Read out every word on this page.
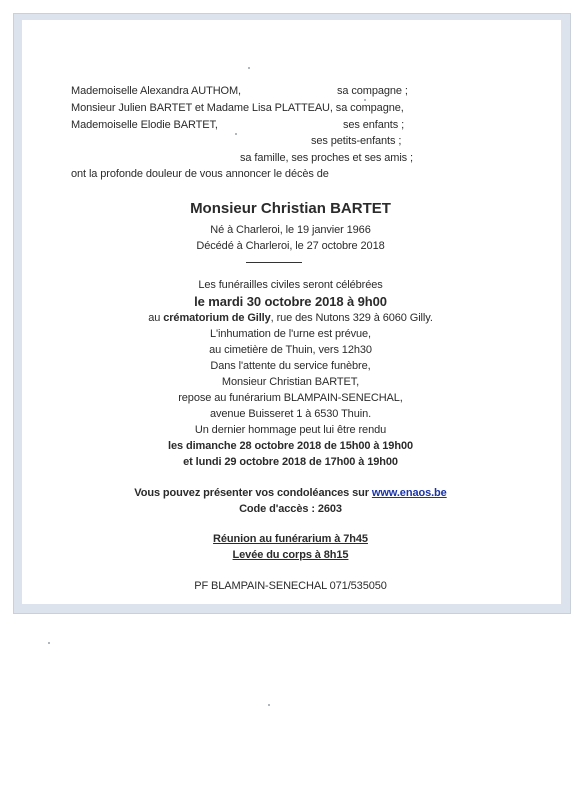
Mademoiselle Alexandra AUTHOM,	sa compagne ;
Monsieur Julien BARTET et Madame Lisa PLATTEAU, sa compagne,
Mademoiselle Elodie BARTET,	ses enfants ;
ses petits-enfants ;
sa famille, ses proches et ses amis ;
ont la profonde douleur de vous annoncer le décès de
Monsieur Christian BARTET
Né à Charleroi, le 19 janvier 1966
Décédé à Charleroi, le 27 octobre 2018
Les funérailles civiles seront célébrées
le mardi 30 octobre 2018 à 9h00
au crématorium de Gilly, rue des Nutons 329 à 6060 Gilly.
L'inhumation de l'urne est prévue,
au cimetière de Thuin, vers 12h30
Dans l'attente du service funèbre,
Monsieur Christian BARTET,
repose au funérarium BLAMPAIN-SENECHAL,
avenue Buisseret 1 à 6530 Thuin.
Un dernier hommage peut lui être rendu
les dimanche 28 octobre 2018 de 15h00 à 19h00
et lundi 29 octobre 2018 de 17h00 à 19h00
Vous pouvez présenter vos condoléances sur www.enaos.be
Code d'accès : 2603
Réunion au funérarium à 7h45
Levée du corps à 8h15
PF BLAMPAIN-SENECHAL 071/535050
